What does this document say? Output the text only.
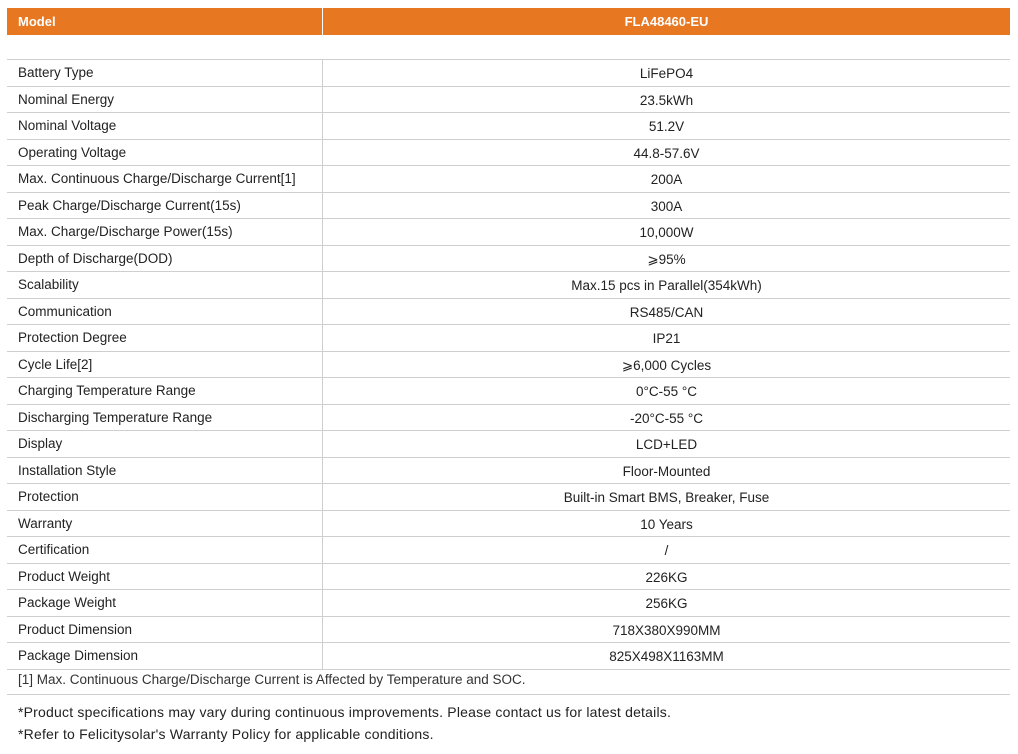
Model	FLA48460-EU
Battery Type	LiFePO4
Nominal Energy	23.5kWh
Nominal Voltage	51.2V
Operating Voltage	44.8-57.6V
Max. Continuous Charge/Discharge Current[1]	200A
Peak Charge/Discharge Current(15s)	300A
Max. Charge/Discharge Power(15s)	10,000W
Depth of Discharge(DOD)	⩾95%
Scalability	Max.15 pcs in Parallel(354kWh)
Communication	RS485/CAN
Protection Degree	IP21
Cycle Life[2]	⩾6,000 Cycles
Charging Temperature Range	0°C-55 °C
Discharging Temperature Range	-20°C-55 °C
Display	LCD+LED
Installation Style	Floor-Mounted
Protection	Built-in Smart BMS, Breaker, Fuse
Warranty	10 Years
Certification	/
Product Weight	226KG
Package Weight	256KG
Product Dimension	718X380X990MM
Package Dimension	825X498X1163MM
[1] Max. Continuous Charge/Discharge Current is Affected by Temperature and SOC.
*Product specifications may vary during continuous improvements. Please contact us for latest details.
*Refer to Felicitysolar's Warranty Policy for applicable conditions.
